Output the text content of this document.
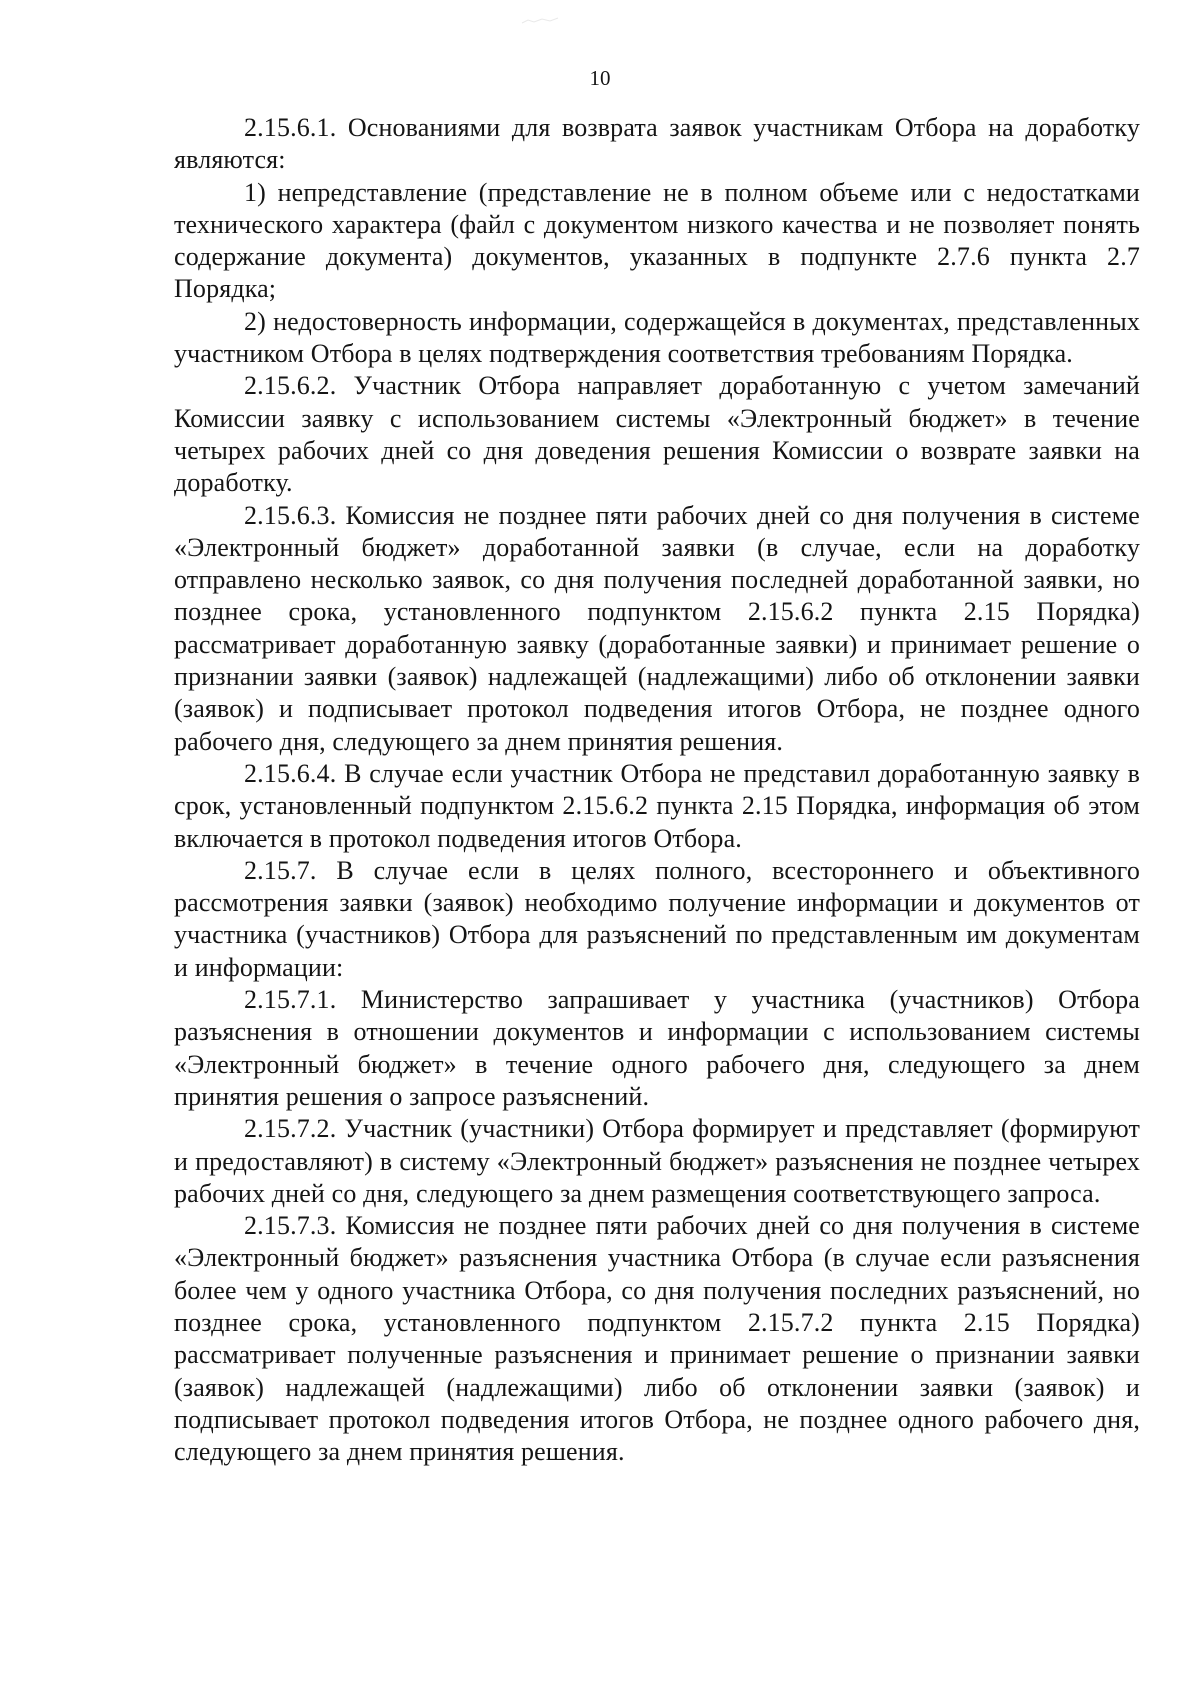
10

2.15.6.1. Основаниями для возврата заявок участникам Отбора на доработку являются:

1) непредставление (представление не в полном объеме или с недостатками технического характера (файл с документом низкого качества и не позволяет понять содержание документа) документов, указанных в подпункте 2.7.6 пункта 2.7 Порядка;

2) недостоверность информации, содержащейся в документах, представленных участником Отбора в целях подтверждения соответствия требованиям Порядка.

2.15.6.2. Участник Отбора направляет доработанную с учетом замечаний Комиссии заявку с использованием системы «Электронный бюджет» в течение четырех рабочих дней со дня доведения решения Комиссии о возврате заявки на доработку.

2.15.6.3. Комиссия не позднее пяти рабочих дней со дня получения в системе «Электронный бюджет» доработанной заявки (в случае, если на доработку отправлено несколько заявок, со дня получения последней доработанной заявки, но позднее срока, установленного подпунктом 2.15.6.2 пункта 2.15 Порядка) рассматривает доработанную заявку (доработанные заявки) и принимает решение о признании заявки (заявок) надлежащей (надлежащими) либо об отклонении заявки (заявок) и подписывает протокол подведения итогов Отбора, не позднее одного рабочего дня, следующего за днем принятия решения.

2.15.6.4. В случае если участник Отбора не представил доработанную заявку в срок, установленный подпунктом 2.15.6.2 пункта 2.15 Порядка, информация об этом включается в протокол подведения итогов Отбора.

2.15.7. В случае если в целях полного, всестороннего и объективного рассмотрения заявки (заявок) необходимо получение информации и документов от участника (участников) Отбора для разъяснений по представленным им документам и информации:

2.15.7.1. Министерство запрашивает у участника (участников) Отбора разъяснения в отношении документов и информации с использованием системы «Электронный бюджет» в течение одного рабочего дня, следующего за днем принятия решения о запросе разъяснений.

2.15.7.2. Участник (участники) Отбора формирует и представляет (формируют и предоставляют) в систему «Электронный бюджет» разъяснения не позднее четырех рабочих дней со дня, следующего за днем размещения соответствующего запроса.

2.15.7.3. Комиссия не позднее пяти рабочих дней со дня получения в системе «Электронный бюджет» разъяснения участника Отбора (в случае если разъяснения более чем у одного участника Отбора, со дня получения последних разъяснений, но позднее срока, установленного подпунктом 2.15.7.2 пункта 2.15 Порядка) рассматривает полученные разъяснения и принимает решение о признании заявки (заявок) надлежащей (надлежащими) либо об отклонении заявки (заявок) и подписывает протокол подведения итогов Отбора, не позднее одного рабочего дня, следующего за днем принятия решения.
